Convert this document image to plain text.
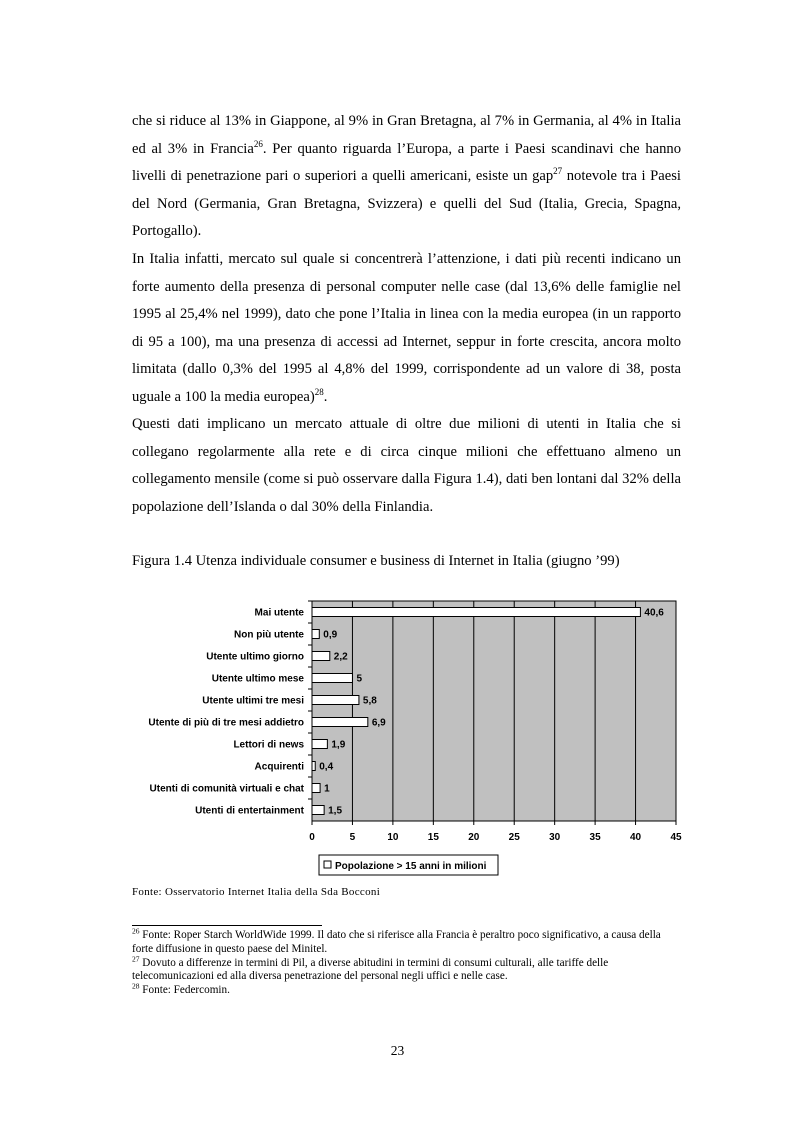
che si riduce al 13% in Giappone, al 9% in Gran Bretagna, al 7% in Germania, al 4% in Italia ed al 3% in Francia$^{26}$. Per quanto riguarda l’Europa, a parte i Paesi scandinavi che hanno livelli di penetrazione pari o superiori a quelli americani, esiste un gap$^{27}$ notevole tra i Paesi del Nord (Germania, Gran Bretagna, Svizzera) e quelli del Sud (Italia, Grecia, Spagna, Portogallo).

In Italia infatti, mercato sul quale si concentrerà l’attenzione, i dati più recenti indicano un forte aumento della presenza di personal computer nelle case (dal 13,6% delle famiglie nel 1995 al 25,4% nel 1999), dato che pone l’Italia in linea con la media europea (in un rapporto di 95 a 100), ma una presenza di accessi ad Internet, seppur in forte crescita, ancora molto limitata (dallo 0,3% del 1995 al 4,8% del 1999, corrispondente ad un valore di 38, posta uguale a 100 la media europea)$^{28}$.

Questi dati implicano un mercato attuale di oltre due milioni di utenti in Italia che si collegano regolarmente alla rete e di circa cinque milioni che effettuano almeno un collegamento mensile (come si può osservare dalla Figura 1.4), dati ben lontani dal 32% della popolazione dell’Islanda o dal 30% della Finlandia.

Figura 1.4 Utenza individuale consumer e business di Internet in Italia (giugno ’99)

40,6
0,9
2,2
5
5,8
6,9
1,9
0,4
1
1,5
Mai utente
Non più utente
Utente ultimo giorno
Utente ultimo mese
Utente ultimi tre mesi
Utente di più di tre mesi addietro
Lettori di news
Acquirenti
Utenti di comunità virtuali e chat
Utenti di entertainment
0	5	10	15	20	25	30	35	40	45
Popolazione > 15 anni in milioni

Fonte: Osservatorio Internet Italia della Sda Bocconi

$^{26}$ Fonte: Roper Starch WorldWide 1999. Il dato che si riferisce alla Francia è peraltro poco significativo, a causa della forte diffusione in questo paese del Minitel.

$^{27}$ Dovuto a differenze in termini di Pil, a diverse abitudini in termini di consumi culturali, alle tariffe delle telecomunicazioni ed alla diversa penetrazione del personal negli uffici e nelle case.

$^{28}$ Fonte: Federcomin.

23
